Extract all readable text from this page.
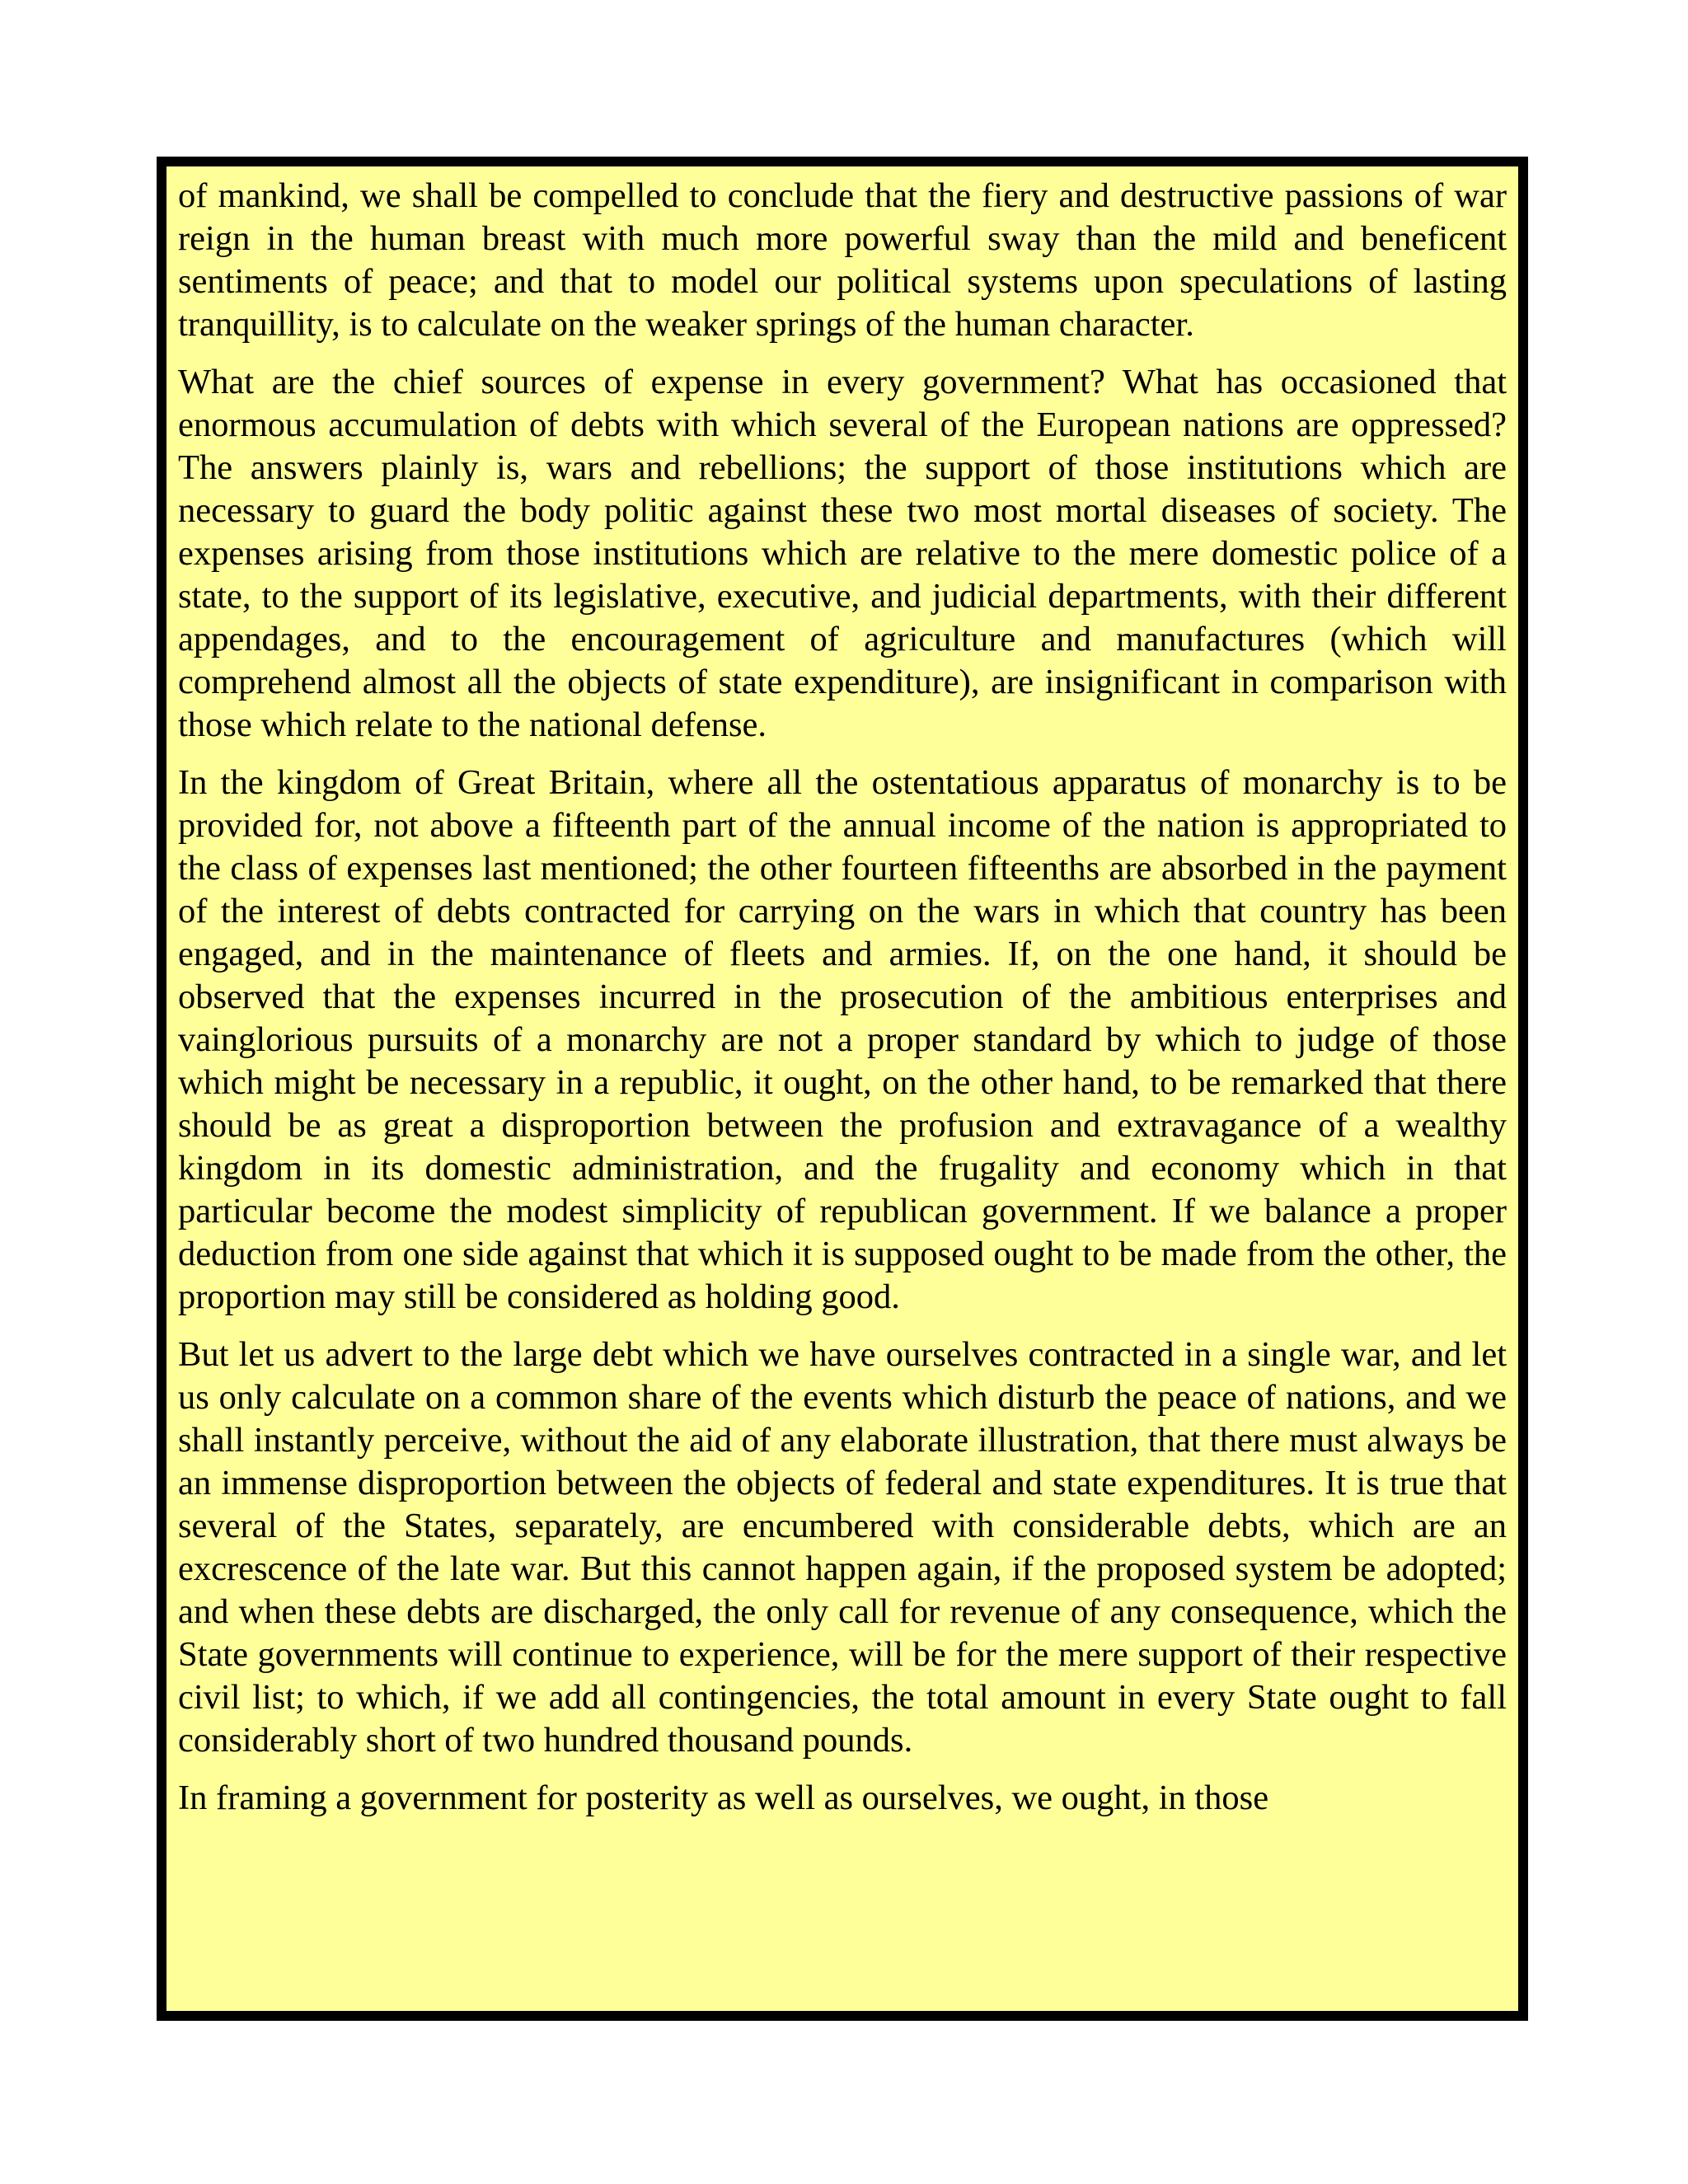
of mankind, we shall be compelled to conclude that the fiery and destructive passions of war reign in the human breast with much more powerful sway than the mild and beneficent sentiments of peace; and that to model our political systems upon speculations of lasting tranquillity, is to calculate on the weaker springs of the human character.

What are the chief sources of expense in every government? What has occasioned that enormous accumulation of debts with which several of the European nations are oppressed? The answers plainly is, wars and rebellions; the support of those institutions which are necessary to guard the body politic against these two most mortal diseases of society. The expenses arising from those institutions which are relative to the mere domestic police of a state, to the support of its legislative, executive, and judicial departments, with their different appendages, and to the encouragement of agriculture and manufactures (which will comprehend almost all the objects of state expenditure), are insignificant in comparison with those which relate to the national defense.

In the kingdom of Great Britain, where all the ostentatious apparatus of monarchy is to be provided for, not above a fifteenth part of the annual income of the nation is appropriated to the class of expenses last mentioned; the other fourteen fifteenths are absorbed in the payment of the interest of debts contracted for carrying on the wars in which that country has been engaged, and in the maintenance of fleets and armies. If, on the one hand, it should be observed that the expenses incurred in the prosecution of the ambitious enterprises and vainglorious pursuits of a monarchy are not a proper standard by which to judge of those which might be necessary in a republic, it ought, on the other hand, to be remarked that there should be as great a disproportion between the profusion and extravagance of a wealthy kingdom in its domestic administration, and the frugality and economy which in that particular become the modest simplicity of republican government. If we balance a proper deduction from one side against that which it is supposed ought to be made from the other, the proportion may still be considered as holding good.

But let us advert to the large debt which we have ourselves contracted in a single war, and let us only calculate on a common share of the events which disturb the peace of nations, and we shall instantly perceive, without the aid of any elaborate illustration, that there must always be an immense disproportion between the objects of federal and state expenditures. It is true that several of the States, separately, are encumbered with considerable debts, which are an excrescence of the late war. But this cannot happen again, if the proposed system be adopted; and when these debts are discharged, the only call for revenue of any consequence, which the State governments will continue to experience, will be for the mere support of their respective civil list; to which, if we add all contingencies, the total amount in every State ought to fall considerably short of two hundred thousand pounds.

In framing a government for posterity as well as ourselves, we ought, in those
